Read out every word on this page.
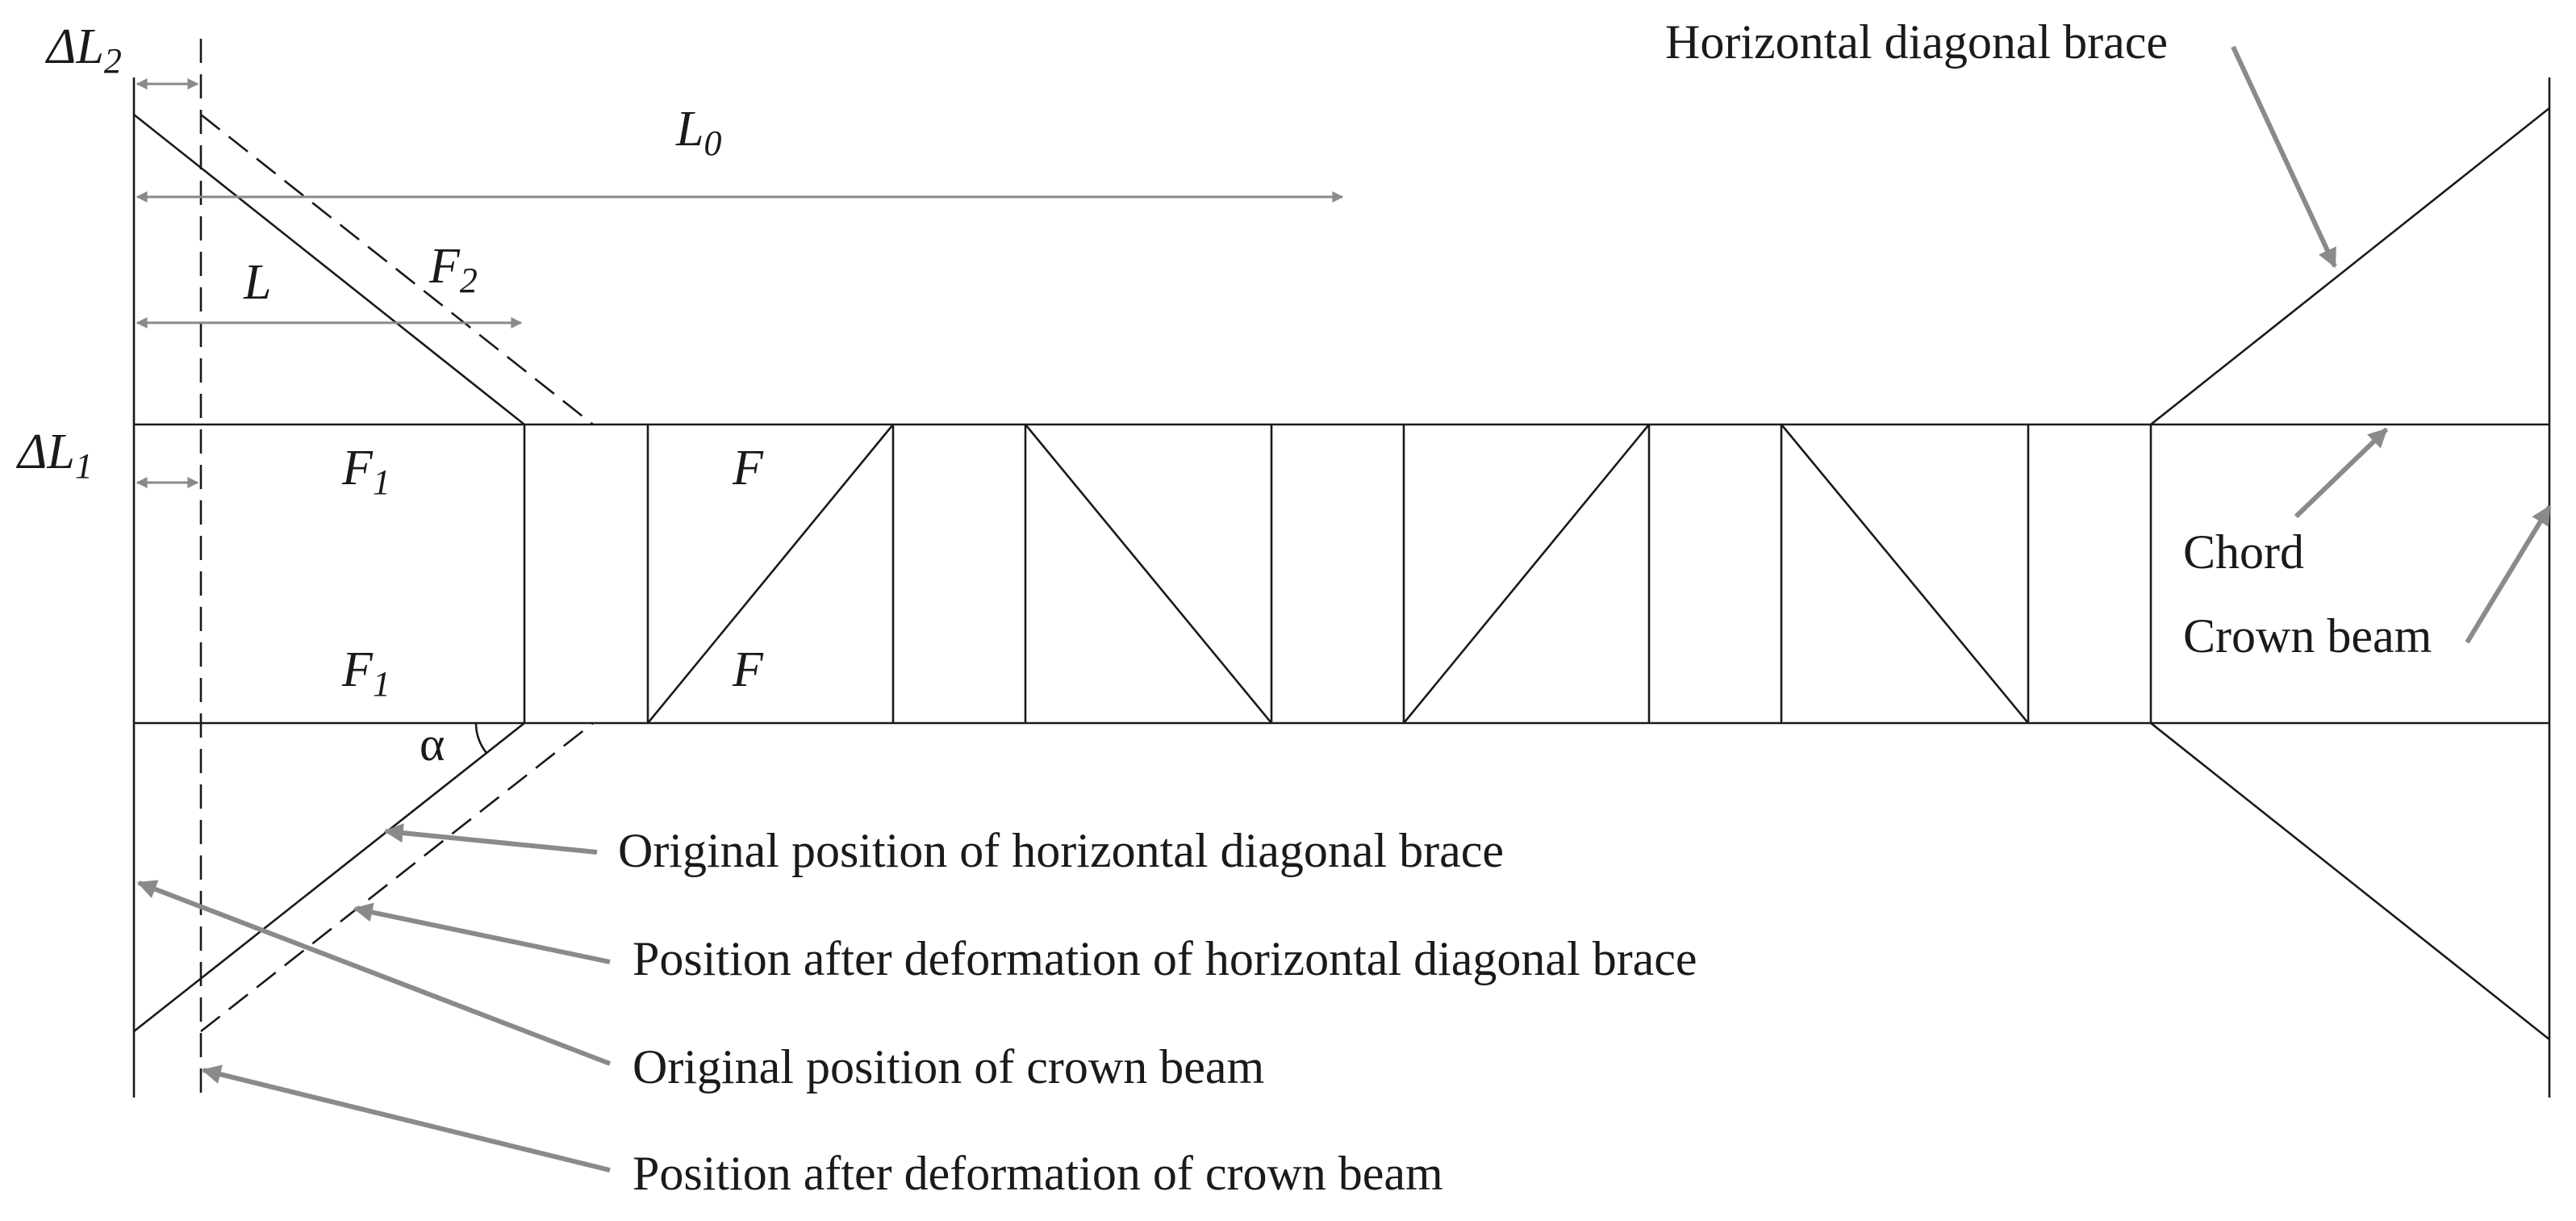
ΔL2
L0
F2
L
ΔL1	F1	F
F1	F
α
Horizontal diagonal brace
Chord
Crown beam
Original position of horizontal diagonal brace
Position after deformation of horizontal diagonal brace
Original position of crown beam
Position after deformation of crown beam
